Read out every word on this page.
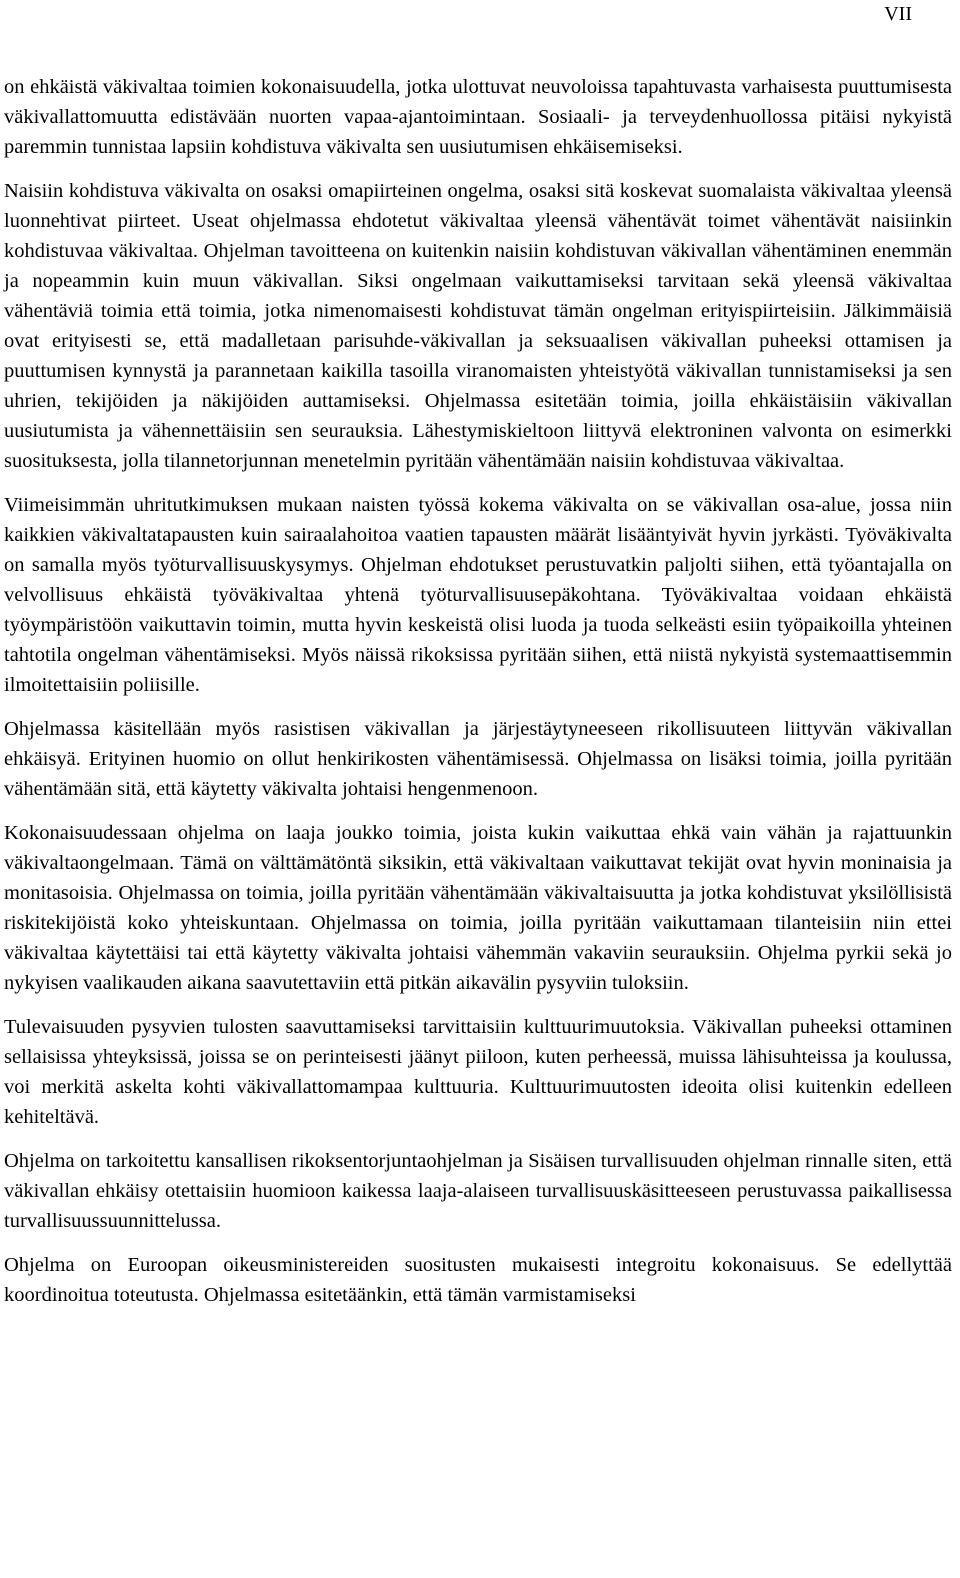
VII

on ehkäistä väkivaltaa toimien kokonaisuudella, jotka ulottuvat neuvoloissa tapahtuvasta varhaisesta puuttumisesta väkivallattomuutta edistävään nuorten vapaa-ajantoimintaan. Sosiaali- ja terveydenhuollossa pitäisi nykyistä paremmin tunnistaa lapsiin kohdistuva väkivalta sen uusiutumisen ehkäisemiseksi.

Naisiin kohdistuva väkivalta on osaksi omapiirteinen ongelma, osaksi sitä koskevat suomalaista väkivaltaa yleensä luonnehtivat piirteet. Useat ohjelmassa ehdotetut väkivaltaa yleensä vähentävät toimet vähentävät naisiinkin kohdistuvaa väkivaltaa. Ohjelman tavoitteena on kuitenkin naisiin kohdistuvan väkivallan vähentäminen enemmän ja nopeammin kuin muun väkivallan. Siksi ongelmaan vaikuttamiseksi tarvitaan sekä yleensä väkivaltaa vähentäviä toimia että toimia, jotka nimenomaisesti kohdistuvat tämän ongelman erityispiirteisiin. Jälkimmäisiä ovat erityisesti se, että madalletaan parisuhde-väkivallan ja seksuaalisen väkivallan puheeksi ottamisen ja puuttumisen kynnystä ja parannetaan kaikilla tasoilla viranomaisten yhteistyötä väkivallan tunnistamiseksi ja sen uhrien, tekijöiden ja näkijöiden auttamiseksi. Ohjelmassa esitetään toimia, joilla ehkäistäisiin väkivallan uusiutumista ja vähennettäisiin sen seurauksia. Lähestymiskieltoon liittyvä elektroninen valvonta on esimerkki suosituksesta, jolla tilannetorjunnan menetelmin pyritään vähentämään naisiin kohdistuvaa väkivaltaa.

Viimeisimmän uhritutkimuksen mukaan naisten työssä kokema väkivalta on se väkivallan osa-alue, jossa niin kaikkien väkivaltatapausten kuin sairaalahoitoa vaatien tapausten määrät lisääntyivät hyvin jyrkästi. Työväkivalta on samalla myös työturvallisuuskysymys. Ohjelman ehdotukset perustuvatkin paljolti siihen, että työantajalla on velvollisuus ehkäistä työväkivaltaa yhtenä työturvallisuusepäkohtana. Työväkivaltaa voidaan ehkäistä työympäristöön vaikuttavin toimin, mutta hyvin keskeistä olisi luoda ja tuoda selkeästi esiin työpaikoilla yhteinen tahtotila ongelman vähentämiseksi. Myös näissä rikoksissa pyritään siihen, että niistä nykyistä systemaattisemmin ilmoitettaisiin poliisille.

Ohjelmassa käsitellään myös rasistisen väkivallan ja järjestäytyneeseen rikollisuuteen liittyvän väkivallan ehkäisyä. Erityinen huomio on ollut henkirikosten vähentämisessä. Ohjelmassa on lisäksi toimia, joilla pyritään vähentämään sitä, että käytetty väkivalta johtaisi hengenmenoon.

Kokonaisuudessaan ohjelma on laaja joukko toimia, joista kukin vaikuttaa ehkä vain vähän ja rajattuunkin väkivaltaongelmaan. Tämä on välttämätöntä siksikin, että väkivaltaan vaikuttavat tekijät ovat hyvin moninaisia ja monitasoisia. Ohjelmassa on toimia, joilla pyritään vähentämään väkivaltaisuutta ja jotka kohdistuvat yksilöllisistä riskitekijöistä koko yhteiskuntaan. Ohjelmassa on toimia, joilla pyritään vaikuttamaan tilanteisiin niin ettei väkivaltaa käytettäisi tai että käytetty väkivalta johtaisi vähemmän vakaviin seurauksiin. Ohjelma pyrkii sekä jo nykyisen vaalikauden aikana saavutettaviin että pitkän aikavälin pysyviin tuloksiin.

Tulevaisuuden pysyvien tulosten saavuttamiseksi tarvittaisiin kulttuurimuutoksia. Väkivallan puheeksi ottaminen sellaisissa yhteyksissä, joissa se on perinteisesti jäänyt piiloon, kuten perheessä, muissa lähisuhteissa ja koulussa, voi merkitä askelta kohti väkivallattomampaa kulttuuria. Kulttuurimuutosten ideoita olisi kuitenkin edelleen kehiteltävä.

Ohjelma on tarkoitettu kansallisen rikoksentorjuntaohjelman ja Sisäisen turvallisuuden ohjelman rinnalle siten, että väkivallan ehkäisy otettaisiin huomioon kaikessa laaja-alaiseen turvallisuuskäsitteeseen perustuvassa paikallisessa turvallisuussuunnittelussa.

Ohjelma on Euroopan oikeusministereiden suositusten mukaisesti integroitu kokonaisuus. Se edellyttää koordinoitua toteutusta. Ohjelmassa esitetäänkin, että tämän varmistamiseksi
